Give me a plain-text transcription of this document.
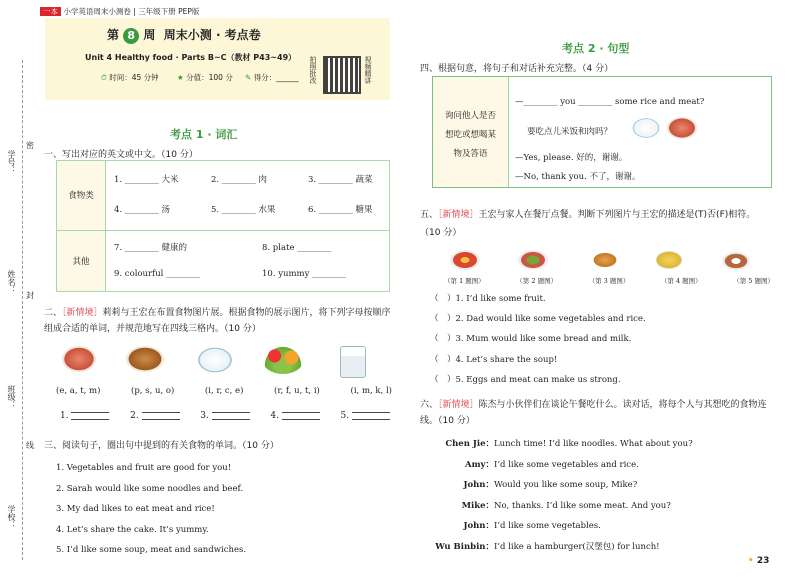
一本 小学英语周末小测卷 | 三年级下册 PEP版
学号：
姓名：
班级：
学校：
密
封
线
第 8 周 周末小测 · 考点卷
Unit 4 Healthy food · Parts B~C（教材 P43~49）
⏱ 时间：45 分钟 ★ 分值：100 分 ✎ 得分：______ 拍照批改	视频精讲
考点 1 · 词汇
一、写出对应的英文或中文。（10 分）
食物类	1. ________ 大米 2. ________ 肉 3. ________ 蔬菜
4. ________ 汤 5. ________ 水果 6. ________ 糖果
其他	7. ________ 健康的 8. plate ________
9. colourful ________ 10. yummy ________
二、［新情境］莉莉与王宏在布置食物图片展。根据食物的展示图片，将下列字母按顺序组成合适的单词，并规范地写在四线三格内。（10 分）
(e, a, t, m)	(p, s, u, o)	(i, r, c, e)	(r, f, u, t, i)	(i, m, k, l)
1.	2.	3.	4.	5.
三、阅读句子，圈出句中提到的有关食物的单词。（10 分）
1. Vegetables and fruit are good for you!
2. Sarah would like some noodles and beef.
3. My dad likes to eat meat and rice!
4. Let’s share the cake. It’s yummy.
5. I’d like some soup, meat and sandwiches.
考点 2 · 句型
四、根据句意，将句子和对话补充完整。（4 分）
询问他人是否
想吃或想喝某
物及答语
—________ you ________ some rice and meat?
要吃点儿米饭和肉吗？
—Yes, please. 好的，谢谢。
—No, thank you. 不了，谢谢。
五、［新情境］王宏与家人在餐厅点餐。判断下列图片与王宏的描述是(T)否(F)相符。
（10 分）
（第 1 题图）	（第 2 题图）	（第 3 题图）	（第 4 题图）	（第 5 题图）
（　）1. I’d like some fruit.
（　）2. Dad would like some vegetables and rice.
（　）3. Mum would like some bread and milk.
（　）4. Let’s share the soup!
（　）5. Eggs and meat can make us strong.
六、［新情境］陈杰与小伙伴们在谈论午餐吃什么。读对话，将每个人与其想吃的食物连线。（10 分）
Chen Jie：Lunch time! I’d like noodles. What about you?
Amy：I’d like some vegetables and rice.
John：Would you like some soup, Mike?
Mike：No, thanks. I’d like some meat. And you?
John：I’d like some vegetables.
Wu Binbin：I’d like a hamburger(汉堡包) for lunch!
• 23
